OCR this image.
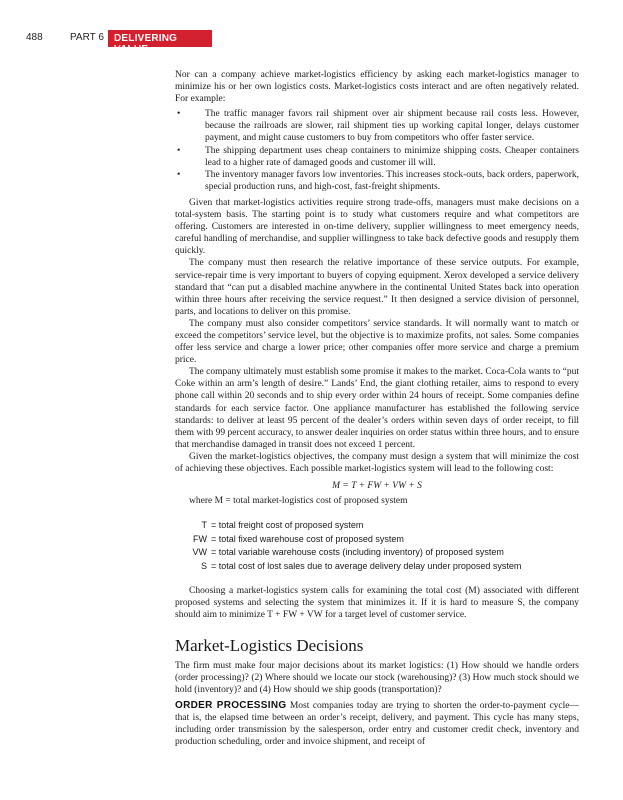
488	PART 6 DELIVERING VALUE

Nor can a company achieve market-logistics efficiency by asking each market-logistics manager to minimize his or her own logistics costs. Market-logistics costs interact and are often negatively related. For example:

•	The traffic manager favors rail shipment over air shipment because rail costs less. However, because the railroads are slower, rail shipment ties up working capital longer, delays customer payment, and might cause customers to buy from competitors who offer faster service.
•	The shipping department uses cheap containers to minimize shipping costs. Cheaper containers lead to a higher rate of damaged goods and customer ill will.
•	The inventory manager favors low inventories. This increases stock-outs, back orders, paperwork, special production runs, and high-cost, fast-freight shipments.

Given that market-logistics activities require strong trade-offs, managers must make decisions on a total-system basis. The starting point is to study what customers require and what competitors are offering. Customers are interested in on-time delivery, supplier willingness to meet emergency needs, careful handling of merchandise, and supplier willingness to take back defective goods and resupply them quickly.

The company must then research the relative importance of these service outputs. For example, service-repair time is very important to buyers of copying equipment. Xerox developed a service delivery standard that “can put a disabled machine anywhere in the continental United States back into operation within three hours after receiving the service request.” It then designed a service division of personnel, parts, and locations to deliver on this promise.

The company must also consider competitors’ service standards. It will normally want to match or exceed the competitors’ service level, but the objective is to maximize profits, not sales. Some companies offer less service and charge a lower price; other companies offer more service and charge a premium price.

The company ultimately must establish some promise it makes to the market. Coca-Cola wants to “put Coke within an arm’s length of desire.” Lands’ End, the giant clothing retailer, aims to respond to every phone call within 20 seconds and to ship every order within 24 hours of receipt. Some companies define standards for each service factor. One appliance manufacturer has established the following service standards: to deliver at least 95 percent of the dealer’s orders within seven days of order receipt, to fill them with 99 percent accuracy, to answer dealer inquiries on order status within three hours, and to ensure that merchandise damaged in transit does not exceed 1 percent.

Given the market-logistics objectives, the company must design a system that will minimize the cost of achieving these objectives. Each possible market-logistics system will lead to the following cost:

M = T + FW + VW + S

where M = total market-logistics cost of proposed system

T	= total freight cost of proposed system
FW	= total fixed warehouse cost of proposed system
VW	= total variable warehouse costs (including inventory) of proposed system
S	= total cost of lost sales due to average delivery delay under proposed system

Choosing a market-logistics system calls for examining the total cost (M) associated with different proposed systems and selecting the system that minimizes it. If it is hard to measure S, the company should aim to minimize T + FW + VW for a target level of customer service.

Market-Logistics Decisions

The firm must make four major decisions about its market logistics: (1) How should we handle orders (order processing)? (2) Where should we locate our stock (warehousing)? (3) How much stock should we hold (inventory)? and (4) How should we ship goods (transportation)?

ORDER PROCESSING Most companies today are trying to shorten the order-to-payment cycle—that is, the elapsed time between an order’s receipt, delivery, and payment. This cycle has many steps, including order transmission by the salesperson, order entry and customer credit check, inventory and production scheduling, order and invoice shipment, and receipt of
